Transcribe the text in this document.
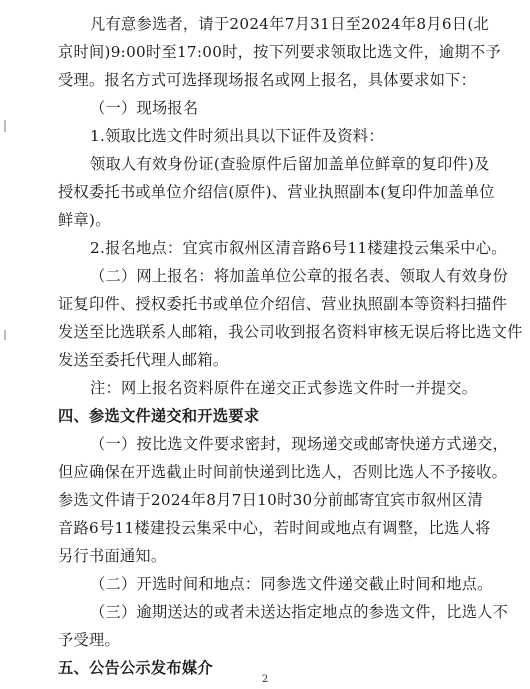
凡有意参选者，请于2024年7月31日至2024年8月6日(北
京时间)9:00时至17:00时，按下列要求领取比选文件，逾期不予
受理。报名方式可选择现场报名或网上报名，具体要求如下：
（一）现场报名
1.领取比选文件时须出具以下证件及资料：
领取人有效身份证(查验原件后留加盖单位鲜章的复印件)及
授权委托书或单位介绍信(原件)、营业执照副本(复印件加盖单位
鲜章)。
2.报名地点：宜宾市叙州区清音路6号11楼建投云集采中心。
（二）网上报名：将加盖单位公章的报名表、领取人有效身份
证复印件、授权委托书或单位介绍信、营业执照副本等资料扫描件
发送至比选联系人邮箱，我公司收到报名资料审核无误后将比选文件
发送至委托代理人邮箱。
注：网上报名资料原件在递交正式参选文件时一并提交。
四、参选文件递交和开选要求
（一）按比选文件要求密封，现场递交或邮寄快递方式递交，
但应确保在开选截止时间前快递到比选人，否则比选人不予接收。
参选文件请于2024年8月7日10时30分前邮寄宜宾市叙州区清
音路6号11楼建投云集采中心，若时间或地点有调整，比选人将
另行书面通知。
（二）开选时间和地点：同参选文件递交截止时间和地点。
（三）逾期送达的或者未送达指定地点的参选文件，比选人不
予受理。
五、公告公示发布媒介
2
